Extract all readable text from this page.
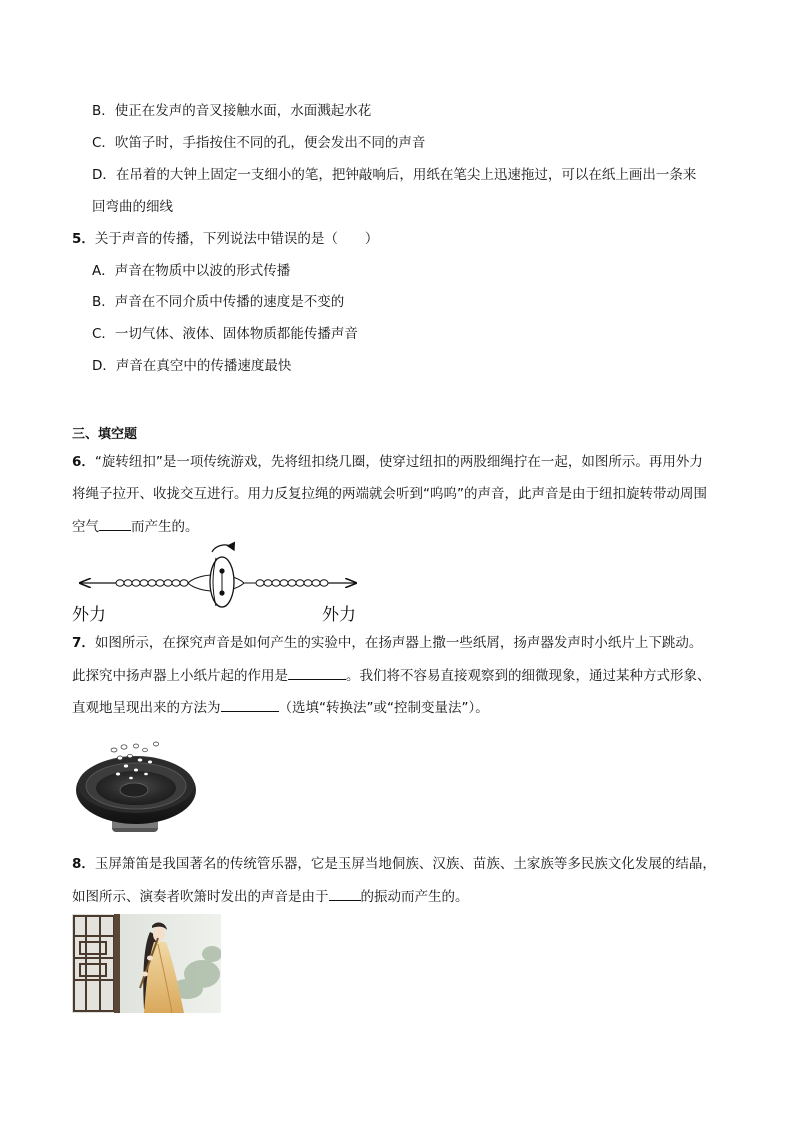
B．使正在发声的音叉接触水面，水面溅起水花
C．吹笛子时，手指按住不同的孔，便会发出不同的声音
D．在吊着的大钟上固定一支细小的笔，把钟敲响后，用纸在笔尖上迅速拖过，可以在纸上画出一条来
回弯曲的细线
5．关于声音的传播，下列说法中错误的是（　　）
A．声音在物质中以波的形式传播
B．声音在不同介质中传播的速度是不变的
C．一切气体、液体、固体物质都能传播声音
D．声音在真空中的传播速度最快
三、填空题
6．“旋转纽扣”是一项传统游戏，先将纽扣绕几圈，使穿过纽扣的两股细绳拧在一起，如图所示。再用外力
将绳子拉开、收拢交互进行。用力反复拉绳的两端就会听到“呜呜”的声音，此声音是由于纽扣旋转带动周围
空气 而产生的。
外力	外力
7．如图所示，在探究声音是如何产生的实验中，在扬声器上撒一些纸屑，扬声器发声时小纸片上下跳动。
此探究中扬声器上小纸片起的作用是	。我们将不容易直接观察到的细微现象，通过某种方式形象、
直观地呈现出来的方法为	（选填“转换法”或“控制变量法”）。
8．玉屏箫笛是我国著名的传统管乐器，它是玉屏当地侗族、汉族、苗族、土家族等多民族文化发展的结晶，
如图所示、演奏者吹箫时发出的声音是由于 的振动而产生的。
